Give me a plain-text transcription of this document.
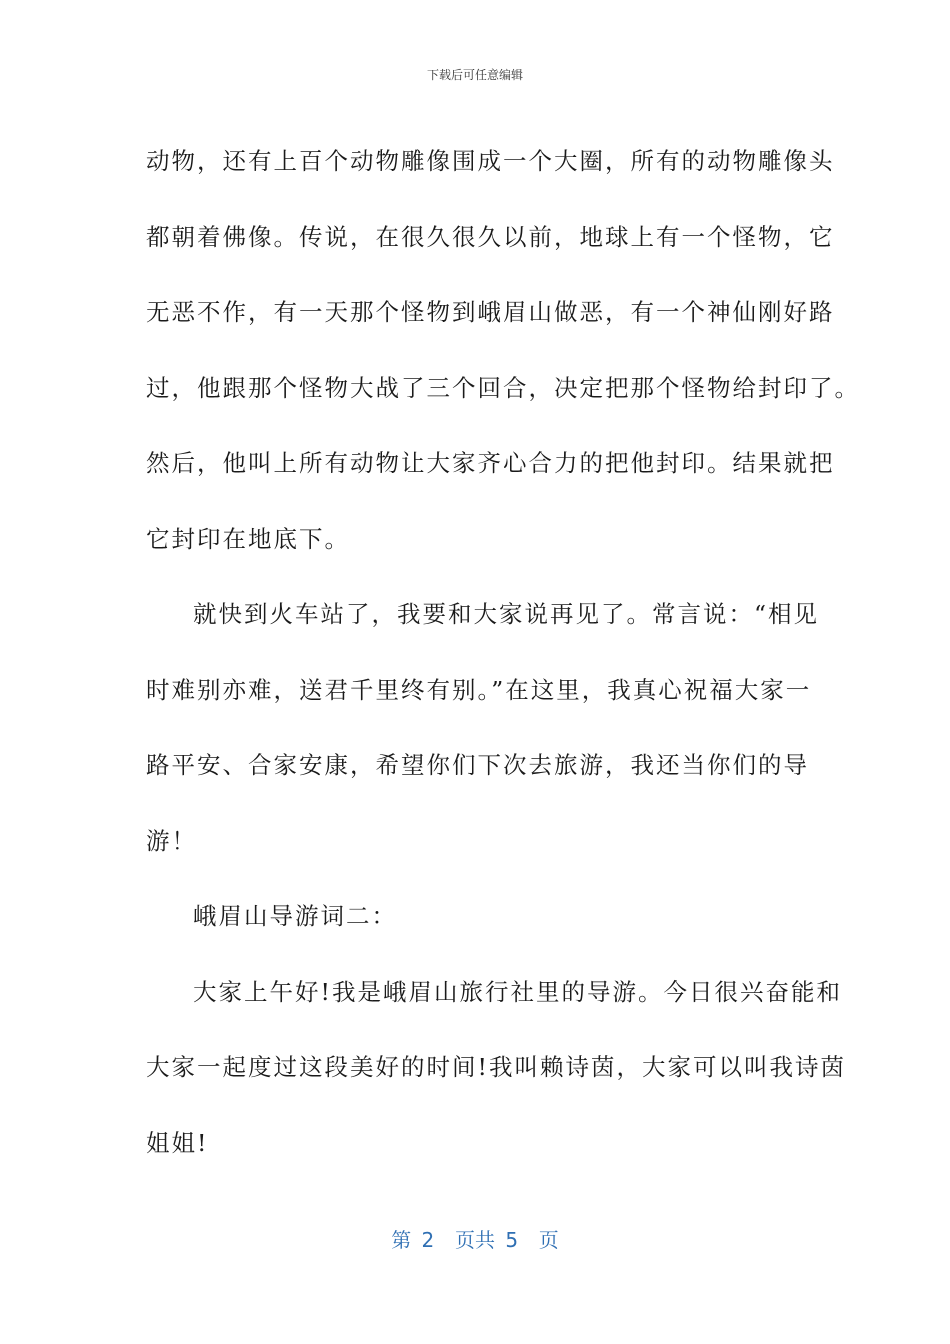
下载后可任意编辑
动物，还有上百个动物雕像围成一个大圈，所有的动物雕像头
都朝着佛像。传说，在很久很久以前，地球上有一个怪物，它
无恶不作，有一天那个怪物到峨眉山做恶，有一个神仙刚好路
过，他跟那个怪物大战了三个回合，决定把那个怪物给封印了。
然后，他叫上所有动物让大家齐心合力的把他封印。结果就把
它封印在地底下。
就快到火车站了，我要和大家说再见了。常言说：“相见
时难别亦难，送君千里终有别。”在这里，我真心祝福大家一
路平安、合家安康，希望你们下次去旅游，我还当你们的导
游！
峨眉山导游词二：
大家上午好!我是峨眉山旅行社里的导游。今日很兴奋能和
大家一起度过这段美好的时间!我叫赖诗茵，大家可以叫我诗茵
姐姐!
第 2  页共 5  页
